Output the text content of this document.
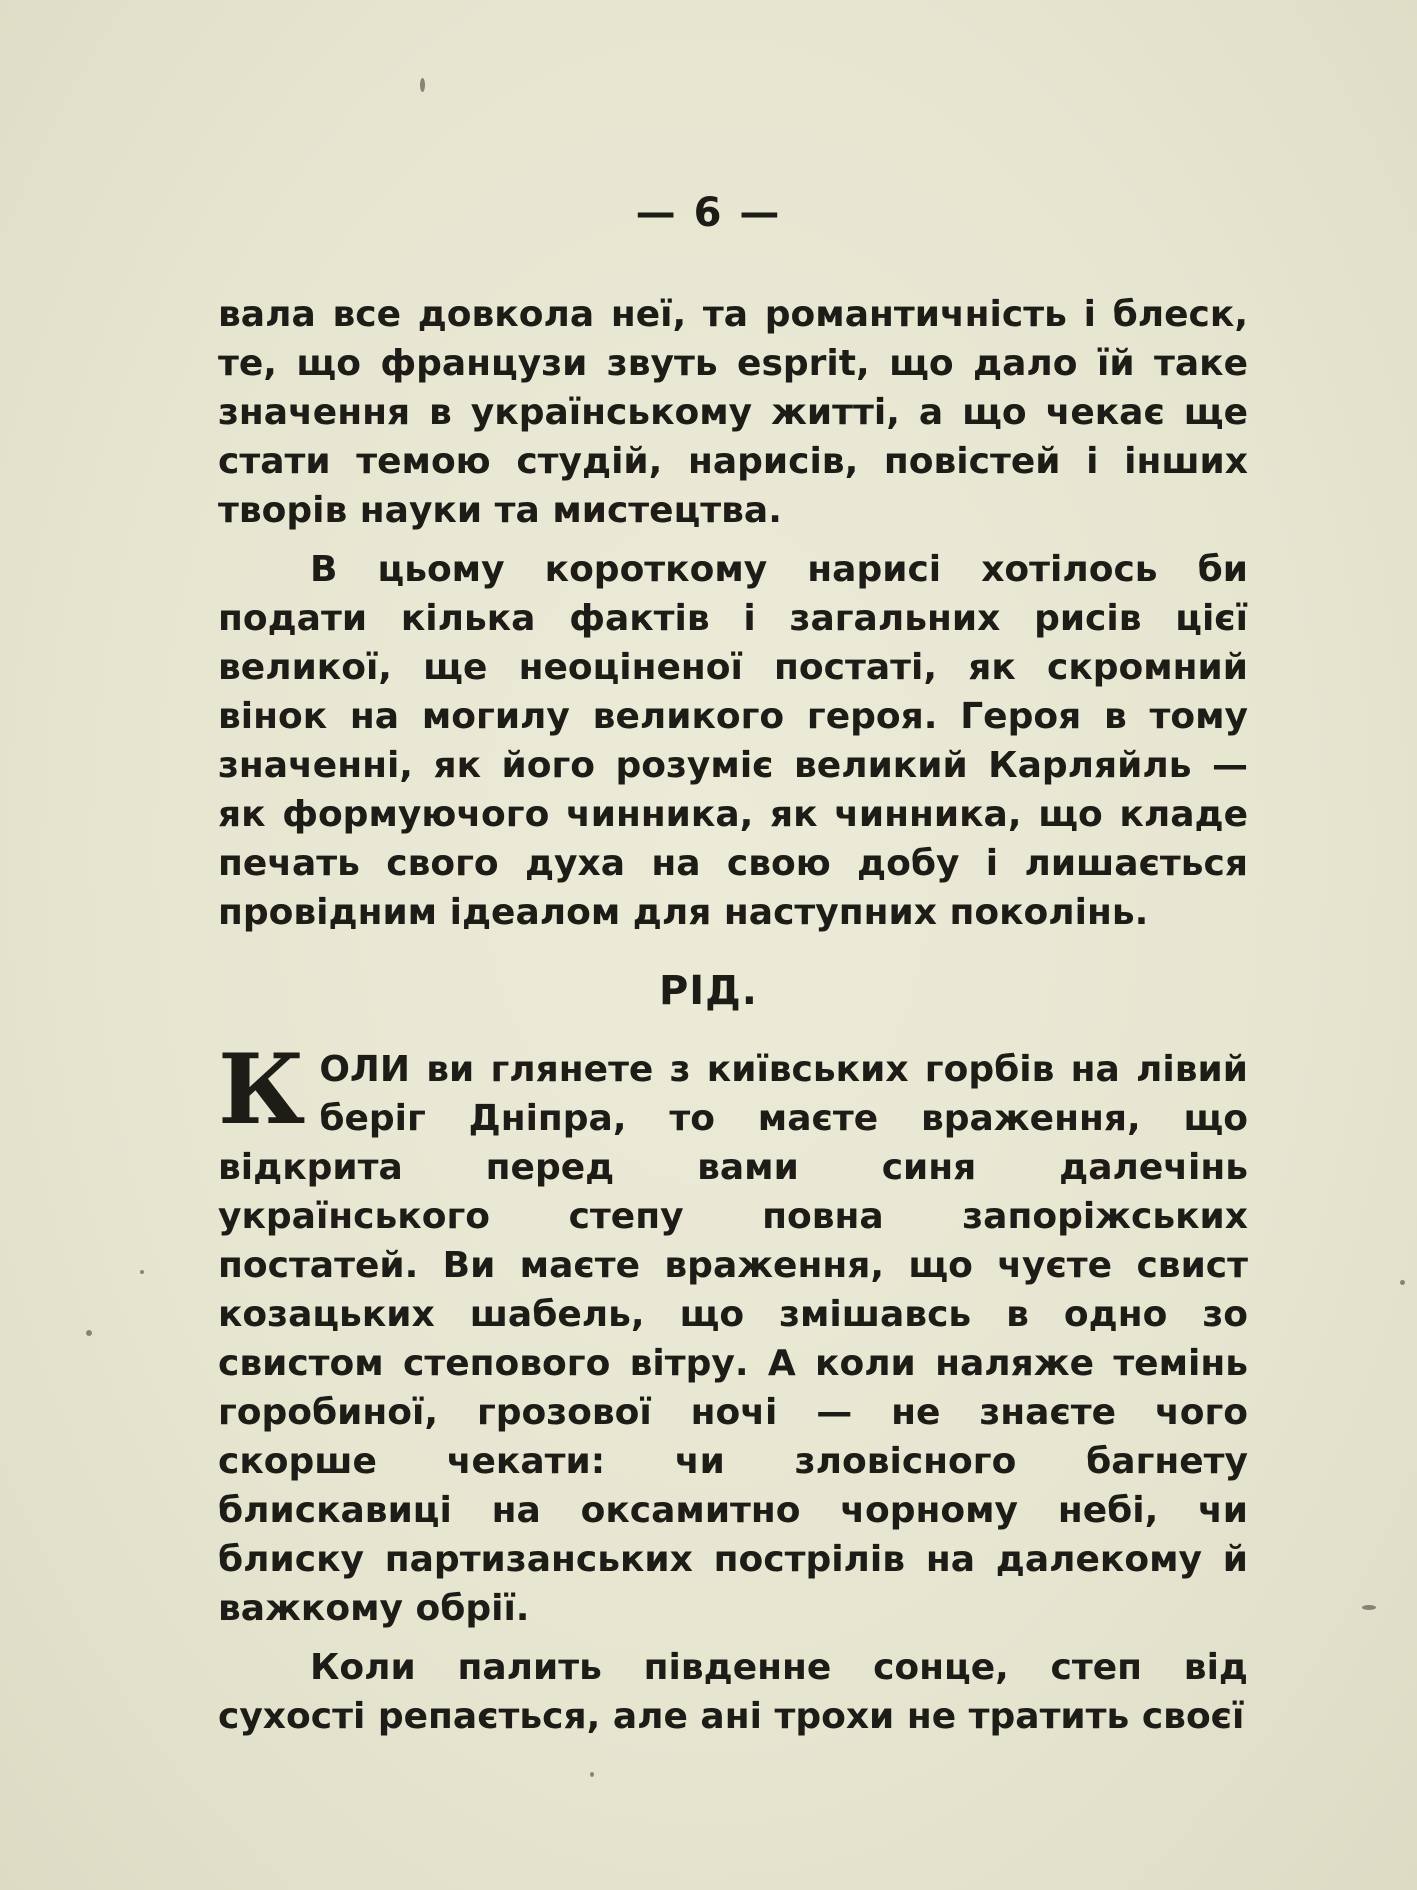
— 6 —

вала все довкола неї, та романтичність і блеск, те, що французи звуть esprit, що дало їй таке значення в українському житті, а що чекає ще стати темою студій, нарисів, повістей і інших творів науки та мистецтва.

В цьому короткому нарисі хотілось би подати кілька фактів і загальних рисів цієї великої, ще неоціненої постаті, як скромний вінок на могилу великого героя. Героя в тому значенні, як його розуміє великий Карляйль — як формуючого чинника, як чинника, що кладе печать свого духа на свою добу і лишається провідним ідеалом для наступних поколінь.

РІД.

КОЛИ ви глянете з київських горбів на лівий беріг Дніпра, то маєте враження, що відкрита перед вами синя далечінь українського степу повна запоріжських постатей. Ви маєте враження, що чуєте свист козацьких шабель, що змішавсь в одно зо свистом степового вітру. А коли наляже темінь горобиної, грозової ночі — не знаєте чого скорше чекати: чи зловісного багнету блискавиці на оксамитно чорному небі, чи блиску партизанських пострілів на далекому й важкому обрії.

Коли палить південне сонце, степ від сухості репається, але ані трохи не тратить своєї
